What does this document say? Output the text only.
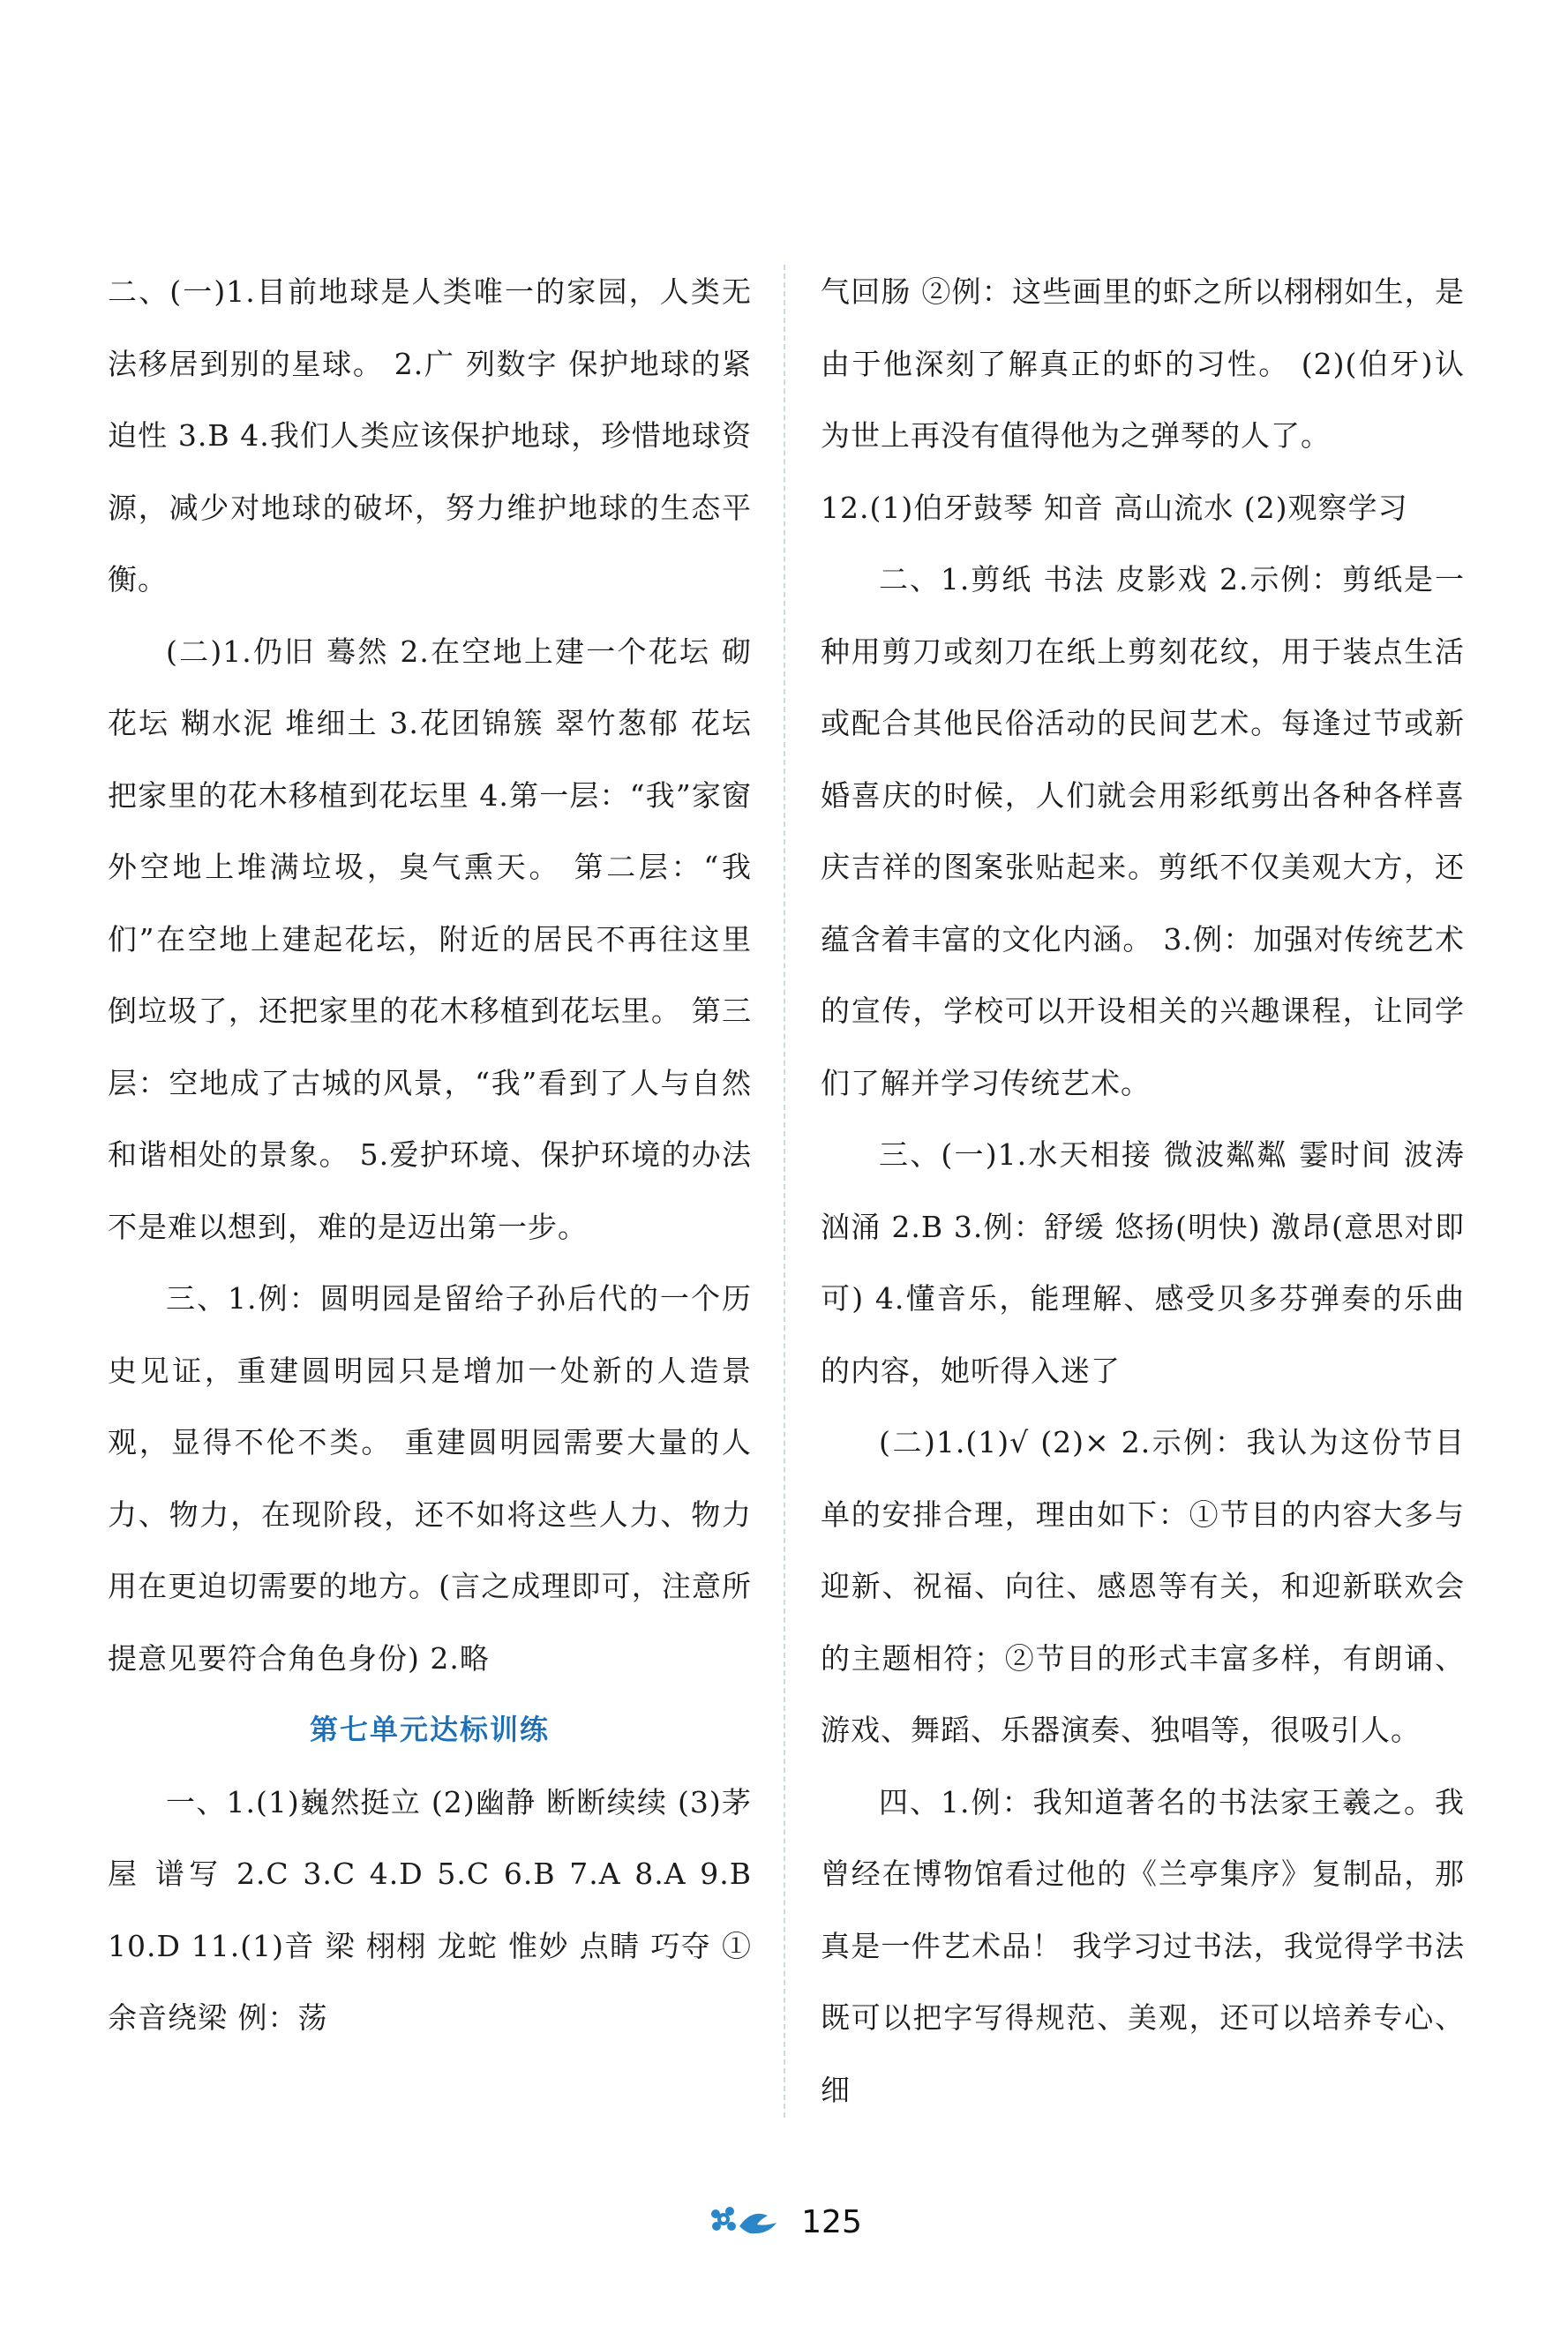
二、(一)1.目前地球是人类唯一的家园，人类无法移居到别的星球。 2.广 列数字 保护地球的紧迫性 3.B 4.我们人类应该保护地球，珍惜地球资源，减少对地球的破坏，努力维护地球的生态平衡。

(二)1.仍旧 蓦然 2.在空地上建一个花坛 砌花坛 糊水泥 堆细土 3.花团锦簇 翠竹葱郁 花坛 把家里的花木移植到花坛里 4.第一层：“我”家窗外空地上堆满垃圾，臭气熏天。 第二层：“我们”在空地上建起花坛，附近的居民不再往这里倒垃圾了，还把家里的花木移植到花坛里。 第三层：空地成了古城的风景，“我”看到了人与自然和谐相处的景象。 5.爱护环境、保护环境的办法不是难以想到，难的是迈出第一步。

三、1.例：圆明园是留给子孙后代的一个历史见证，重建圆明园只是增加一处新的人造景观，显得不伦不类。 重建圆明园需要大量的人力、物力，在现阶段，还不如将这些人力、物力用在更迫切需要的地方。(言之成理即可，注意所提意见要符合角色身份) 2.略

第七单元达标训练

一、1.(1)巍然挺立 (2)幽静 断断续续 (3)茅屋 谱写 2.C 3.C 4.D 5.C 6.B 7.A 8.A 9.B 10.D 11.(1)音 梁 栩栩 龙蛇 惟妙 点睛 巧夺 ①余音绕梁 例：荡

气回肠 ②例：这些画里的虾之所以栩栩如生，是由于他深刻了解真正的虾的习性。 (2)(伯牙)认为世上再没有值得他为之弹琴的人了。

12.(1)伯牙鼓琴 知音 高山流水 (2)观察学习

二、1.剪纸 书法 皮影戏 2.示例：剪纸是一种用剪刀或刻刀在纸上剪刻花纹，用于装点生活或配合其他民俗活动的民间艺术。每逢过节或新婚喜庆的时候，人们就会用彩纸剪出各种各样喜庆吉祥的图案张贴起来。剪纸不仅美观大方，还蕴含着丰富的文化内涵。 3.例：加强对传统艺术的宣传，学校可以开设相关的兴趣课程，让同学们了解并学习传统艺术。

三、(一)1.水天相接 微波粼粼 霎时间 波涛汹涌 2.B 3.例：舒缓 悠扬(明快) 激昂(意思对即可) 4.懂音乐，能理解、感受贝多芬弹奏的乐曲的内容，她听得入迷了

(二)1.(1)√ (2)× 2.示例：我认为这份节目单的安排合理，理由如下：①节目的内容大多与迎新、祝福、向往、感恩等有关，和迎新联欢会的主题相符；②节目的形式丰富多样，有朗诵、游戏、舞蹈、乐器演奏、独唱等，很吸引人。

四、1.例：我知道著名的书法家王羲之。我曾经在博物馆看过他的《兰亭集序》复制品，那真是一件艺术品！ 我学习过书法，我觉得学书法既可以把字写得规范、美观，还可以培养专心、细

125
